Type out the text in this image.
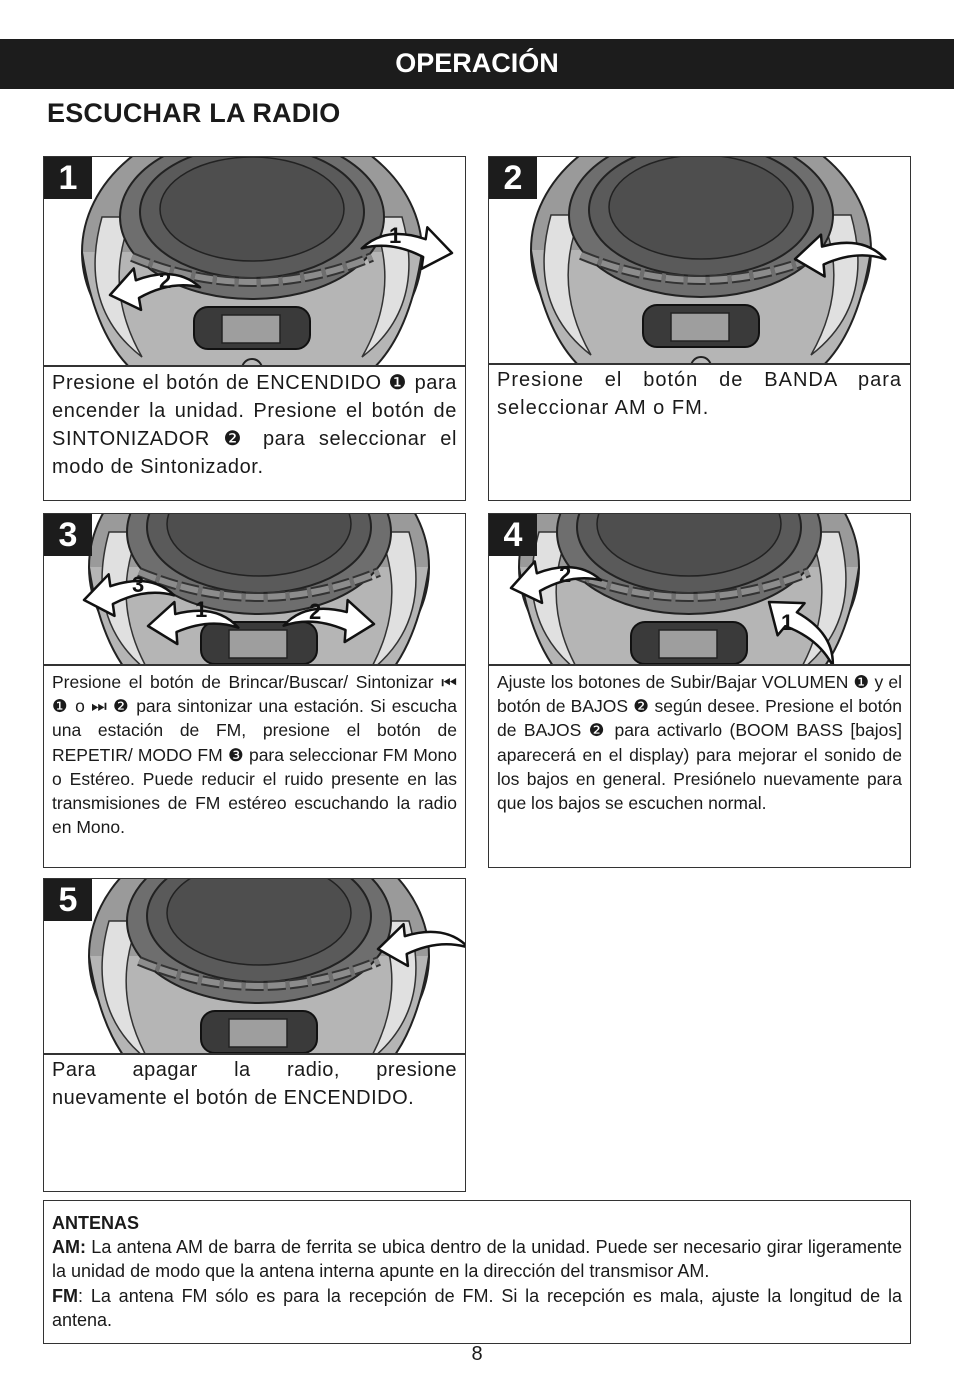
OPERACIÓN
ESCUCHAR LA RADIO
1
2
1
Presione el botón de ENCENDIDO ❶ para encender la unidad. Presione el botón de SINTONIZADOR ❷ para seleccionar el modo de Sintonizador.
2
Presione el botón de BANDA para seleccionar AM o FM.
3
1	2
3
Presione el botón de Brincar/Buscar/ Sintonizar ⏮ ❶ o ⏭ ❷ para sintonizar una estación. Si escucha una estación de FM, presione el botón de REPETIR/ MODO FM ❸ para seleccionar FM Mono o Estéreo. Puede reducir el ruido presente en las transmisiones de FM estéreo escuchando la radio en Mono.
2
1
4
Ajuste los botones de Subir/Bajar VOLUMEN ❶ y el botón de BAJOS ❷ según desee. Presione el botón de BAJOS ❷ para activarlo (BOOM BASS [bajos] aparecerá en el display) para mejorar el sonido de los bajos en general. Presiónelo nuevamente para que los bajos se escuchen normal.
5
Para apagar la radio, presione nuevamente el botón de ENCENDIDO.
ANTENAS
AM: La antena AM de barra de ferrita se ubica dentro de la unidad. Puede ser necesario girar ligeramente la unidad de modo que la antena interna apunte en la dirección del transmisor AM.
FM: La antena FM sólo es para la recepción de FM. Si la recepción es mala, ajuste la longitud de la antena.
8
